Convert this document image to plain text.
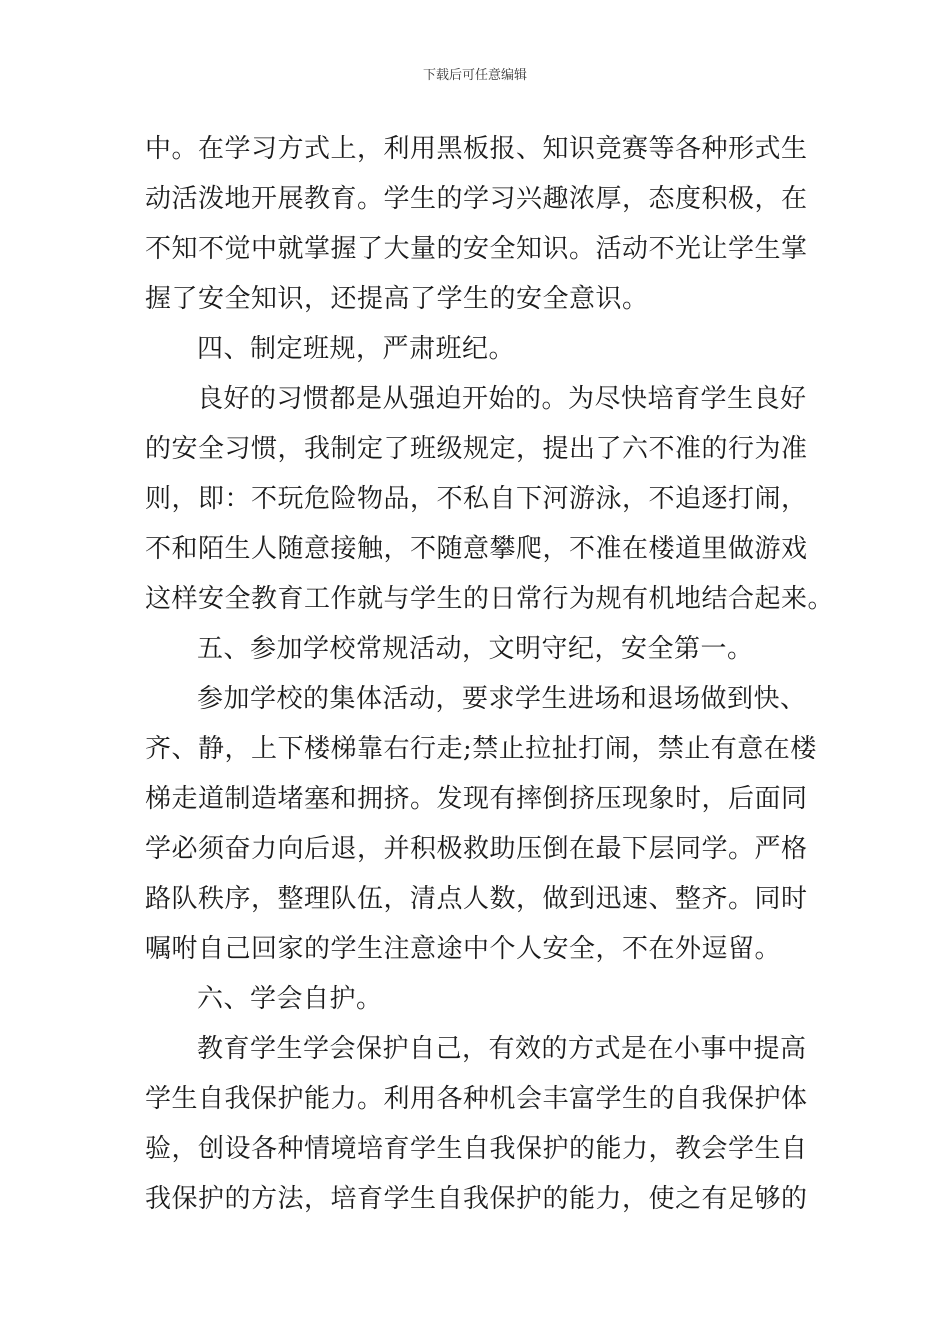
下载后可任意编辑
中。在学习方式上，利用黑板报、知识竞赛等各种形式生
动活泼地开展教育。学生的学习兴趣浓厚，态度积极，在
不知不觉中就掌握了大量的安全知识。活动不光让学生掌
握了安全知识，还提高了学生的安全意识。
四、制定班规，严肃班纪。
良好的习惯都是从强迫开始的。为尽快培育学生良好
的安全习惯，我制定了班级规定，提出了六不准的行为准
则，即：不玩危险物品，不私自下河游泳，不追逐打闹，
不和陌生人随意接触，不随意攀爬，不准在楼道里做游戏
这样安全教育工作就与学生的日常行为规有机地结合起来。
五、参加学校常规活动，文明守纪，安全第一。
参加学校的集体活动，要求学生进场和退场做到快、
齐、静，上下楼梯靠右行走;禁止拉扯打闹，禁止有意在楼
梯走道制造堵塞和拥挤。发现有摔倒挤压现象时，后面同
学必须奋力向后退，并积极救助压倒在最下层同学。严格
路队秩序，整理队伍，清点人数，做到迅速、整齐。同时
嘱咐自己回家的学生注意途中个人安全，不在外逗留。
六、学会自护。
教育学生学会保护自己，有效的方式是在小事中提高
学生自我保护能力。利用各种机会丰富学生的自我保护体
验，创设各种情境培育学生自我保护的能力，教会学生自
我保护的方法，培育学生自我保护的能力，使之有足够的
